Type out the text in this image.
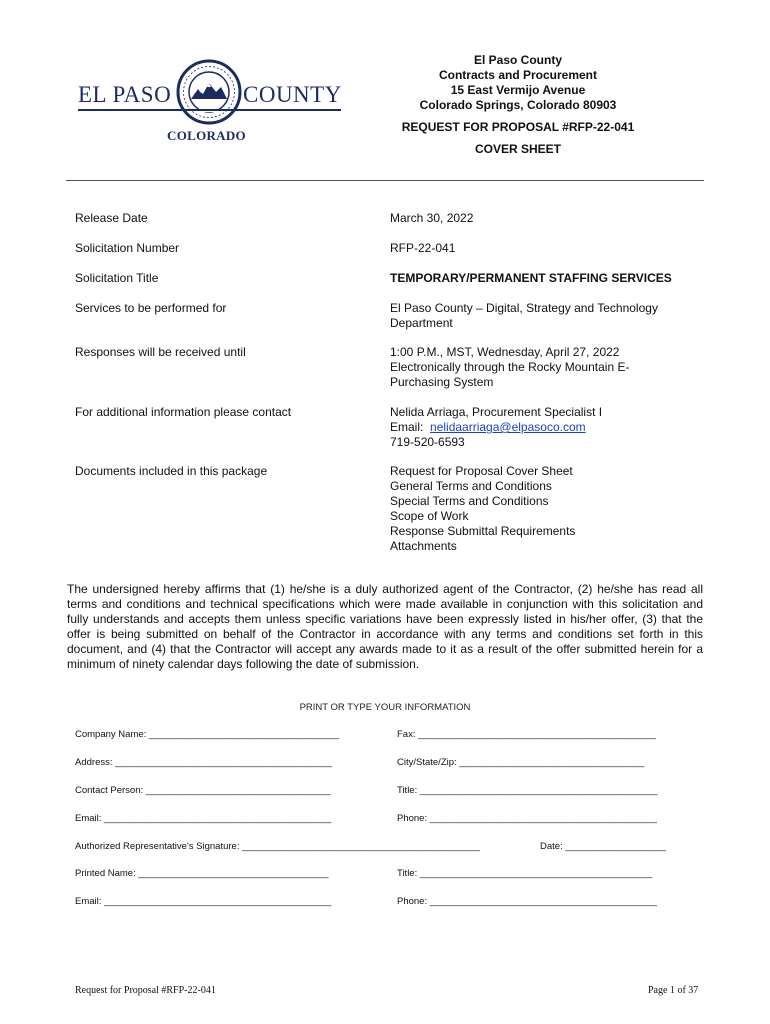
EL PASO	COUNTY
COLORADO
El Paso County
Contracts and Procurement
15 East Vermijo Avenue
Colorado Springs, Colorado 80903
REQUEST FOR PROPOSAL #RFP-22-041
COVER SHEET
Release Date	March 30, 2022
Solicitation Number	RFP-22-041
Solicitation Title	TEMPORARY/PERMANENT STAFFING SERVICES
Services to be performed for	El Paso County – Digital, Strategy and Technology
Department
Responses will be received until	1:00 P.M., MST, Wednesday, April 27, 2022
Electronically through the Rocky Mountain E-
Purchasing System
For additional information please contact	Nelida Arriaga, Procurement Specialist I
Email: nelidaarriaga@elpasoco.com
719-520-6593
Documents included in this package	Request for Proposal Cover Sheet
General Terms and Conditions
Special Terms and Conditions
Scope of Work
Response Submittal Requirements
Attachments
The undersigned hereby affirms that (1) he/she is a duly authorized agent of the Contractor, (2) he/she has read all terms and conditions and technical specifications which were made available in conjunction with this solicitation and fully understands and accepts them unless specific variations have been expressly listed in his/her offer, (3) that the offer is being submitted on behalf of the Contractor in accordance with any terms and conditions set forth in this document, and (4) that the Contractor will accept any awards made to it as a result of the offer submitted herein for a minimum of ninety calendar days following the date of submission.
PRINT OR TYPE YOUR INFORMATION
Company Name: ____________________________________	Fax: _____________________________________________
Address: _________________________________________	City/State/Zip: ___________________________________
Contact Person: ___________________________________	Title: _____________________________________________
Email: ___________________________________________	Phone: ___________________________________________
Authorized Representative's Signature: _____________________________________________	Date: ___________________
Printed Name: ____________________________________	Title: ____________________________________________
Email: ___________________________________________	Phone: ___________________________________________
Request for Proposal #RFP-22-041	Page 1 of 37
